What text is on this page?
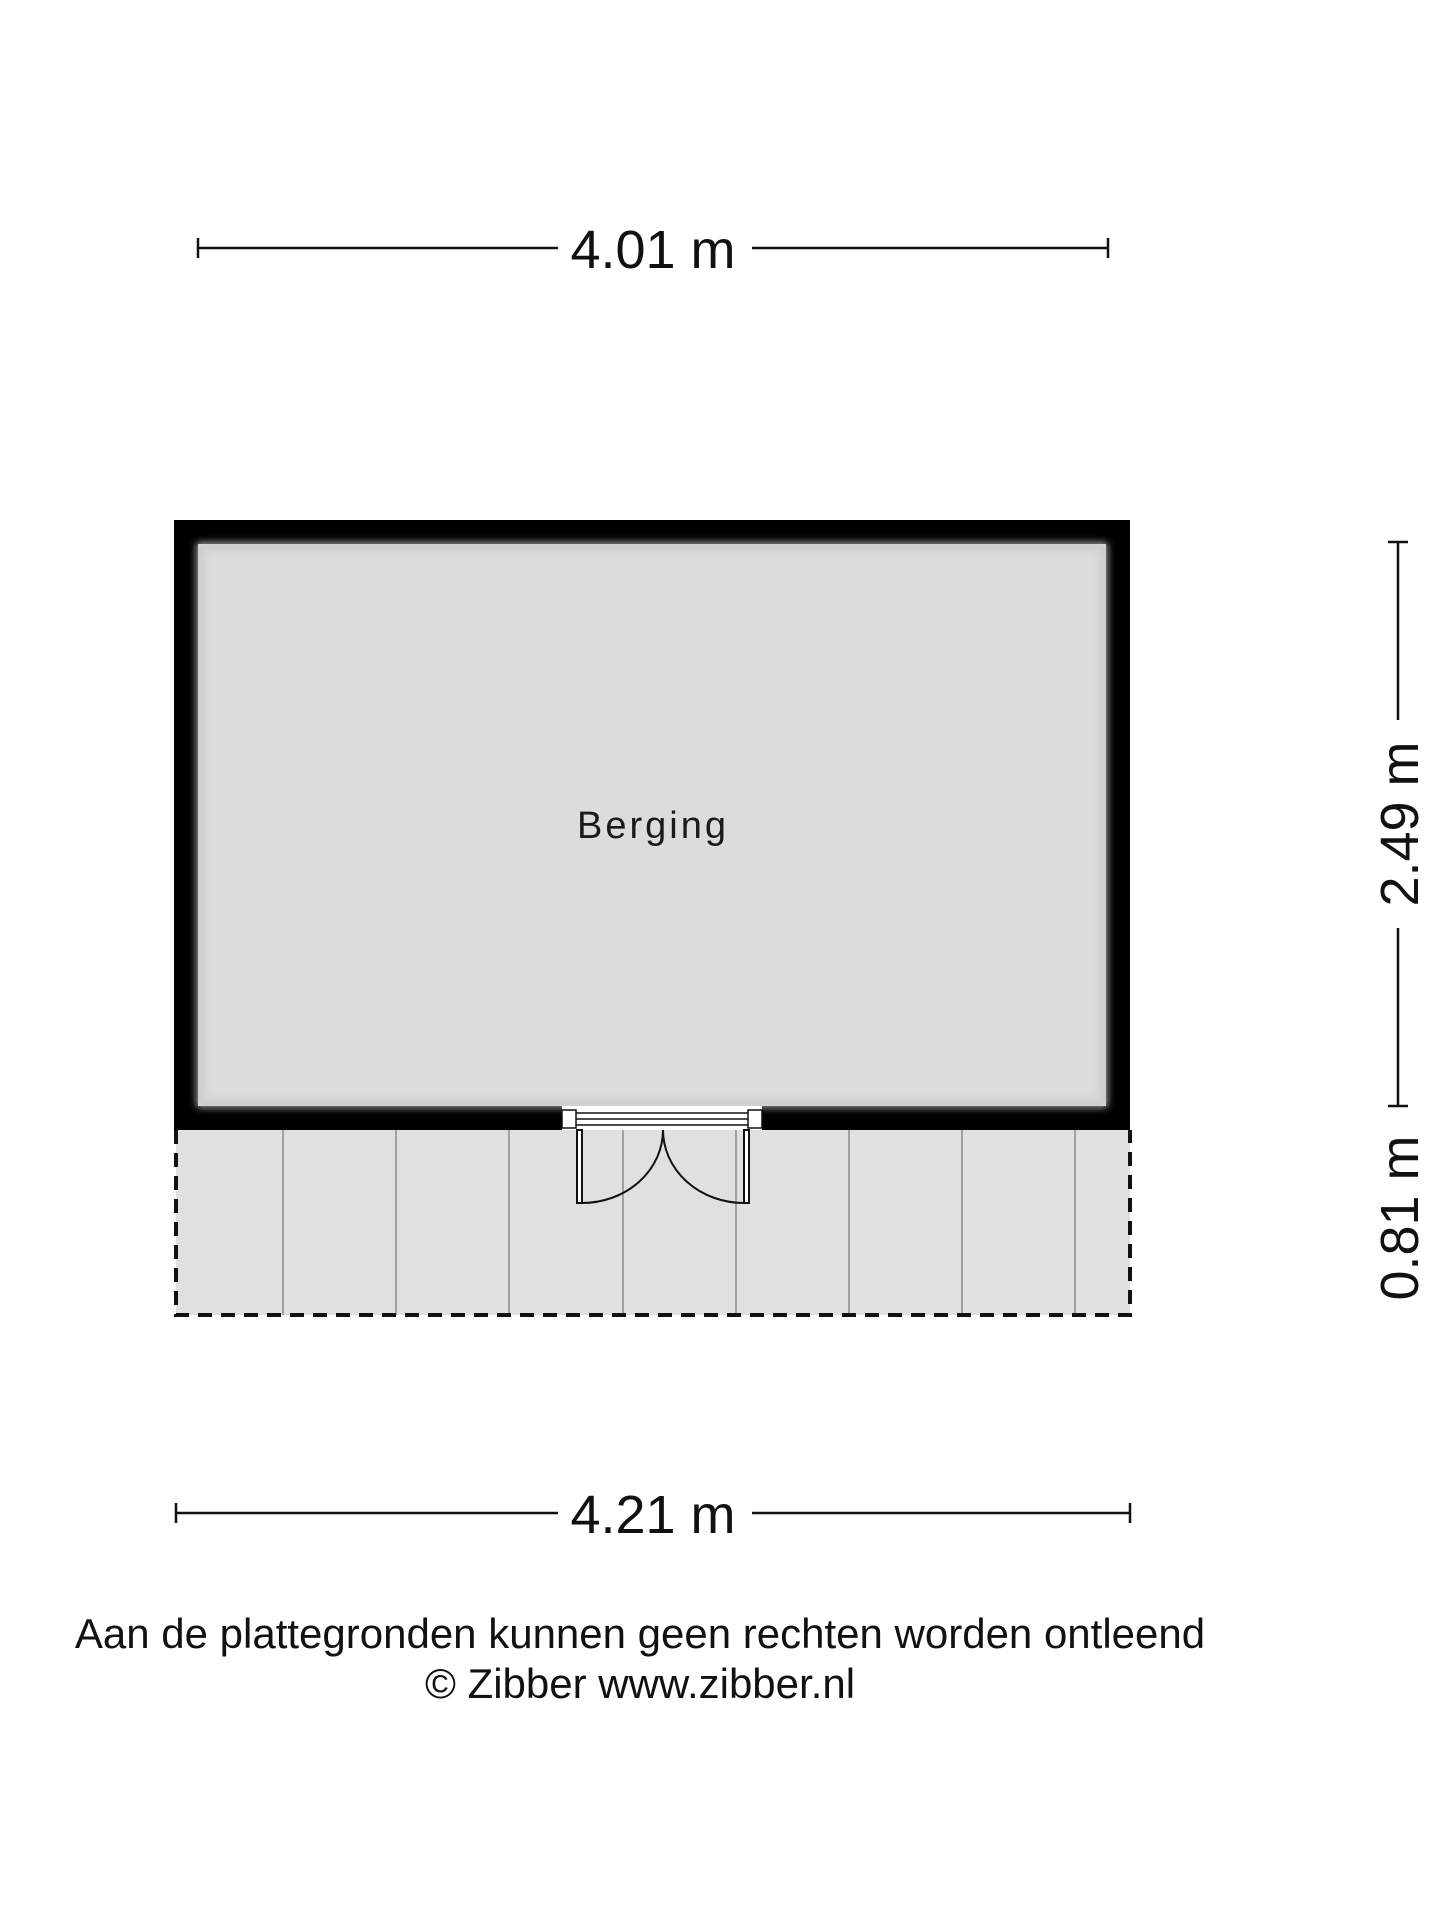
4.01 m
Berging	2.49 m
0.81 m
4.21 m
Aan de plattegronden kunnen geen rechten worden ontleend
© Zibber www.zibber.nl
